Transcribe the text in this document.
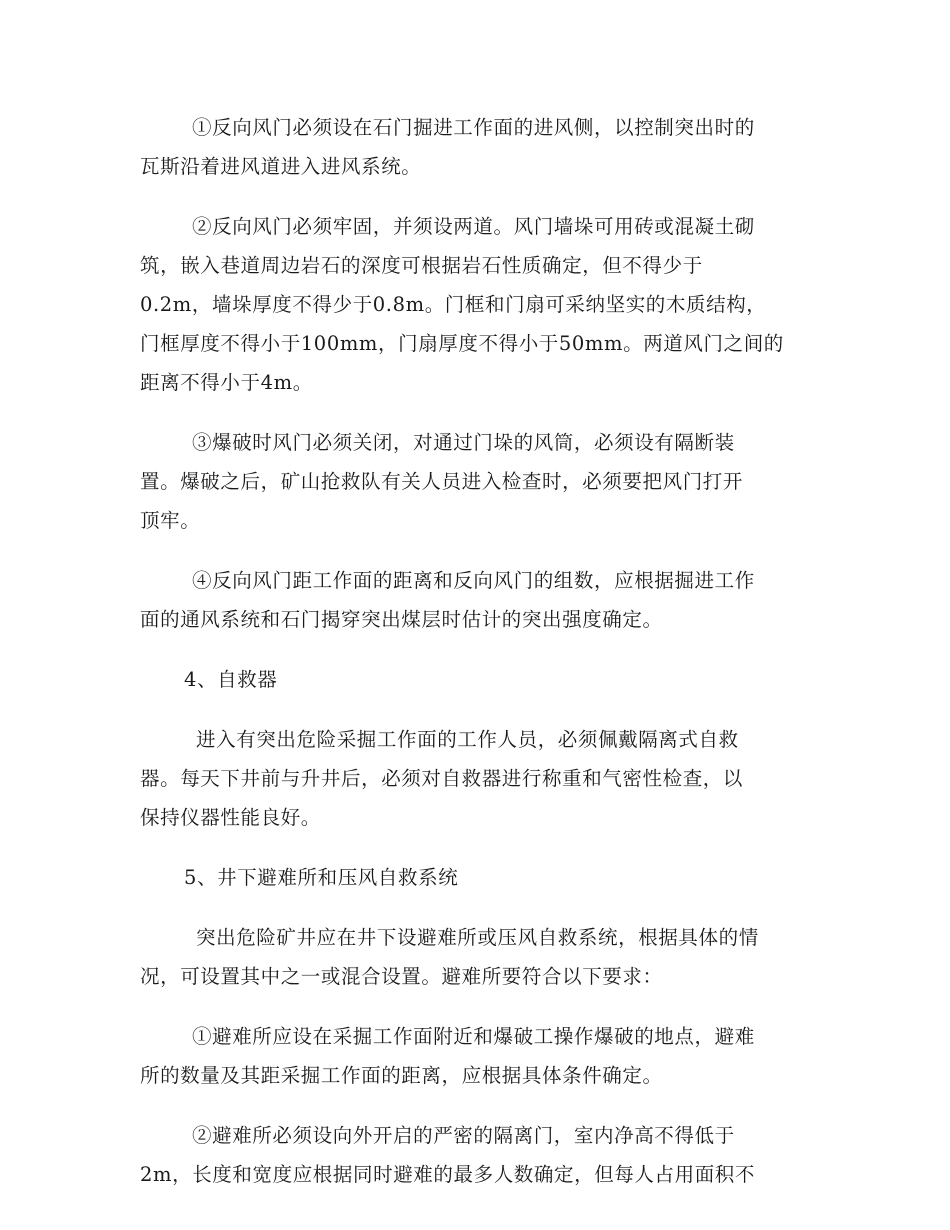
①反向风门必须设在石门掘进工作面的进风侧，以控制突出时的
瓦斯沿着进风道进入进风系统。

②反向风门必须牢固，并须设两道。风门墙垛可用砖或混凝土砌
筑，嵌入巷道周边岩石的深度可根据岩石性质确定，但不得少于
0.2m，墙垛厚度不得少于0.8m。门框和门扇可采纳坚实的木质结构，
门框厚度不得小于100mm，门扇厚度不得小于50mm。两道风门之间的
距离不得小于4m。

③爆破时风门必须关闭，对通过门垛的风筒，必须设有隔断装
置。爆破之后，矿山抢救队有关人员进入检查时，必须要把风门打开
顶牢。

④反向风门距工作面的距离和反向风门的组数，应根据掘进工作
面的通风系统和石门揭穿突出煤层时估计的突出强度确定。

4、自救器

进入有突出危险采掘工作面的工作人员，必须佩戴隔离式自救
器。每天下井前与升井后，必须对自救器进行称重和气密性检查，以
保持仪器性能良好。

5、井下避难所和压风自救系统

突出危险矿井应在井下设避难所或压风自救系统，根据具体的情
况，可设置其中之一或混合设置。避难所要符合以下要求：

①避难所应设在采掘工作面附近和爆破工操作爆破的地点，避难
所的数量及其距采掘工作面的距离，应根据具体条件确定。

②避难所必须设向外开启的严密的隔离门，室内净高不得低于
2m，长度和宽度应根据同时避难的最多人数确定，但每人占用面积不
